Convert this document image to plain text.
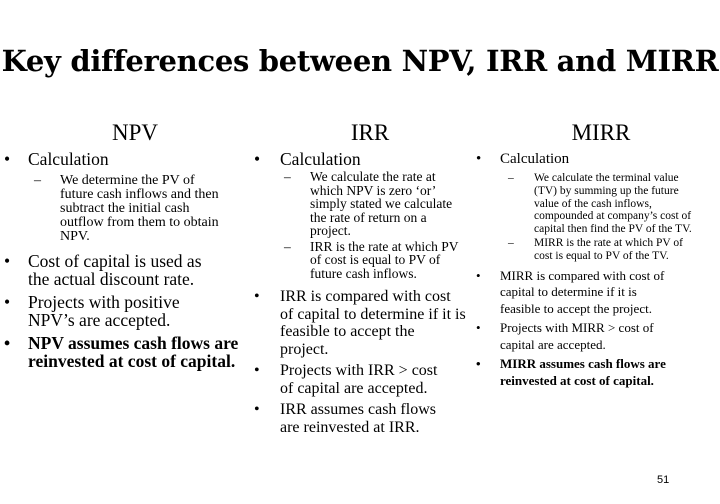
Key differences between NPV, IRR and MIRR
NPV
• Calculation
– We determine the PV of future cash inflows and then subtract the initial cash outflow from them to obtain NPV.
• Cost of capital is used as the actual discount rate.
• Projects with positive NPV’s are accepted.
• NPV assumes cash flows are reinvested at cost of capital.
IRR
• Calculation
– We calculate the rate at which NPV is zero ‘or’ simply stated we calculate the rate of return on a project.
– IRR is the rate at which PV of cost is equal to PV of future cash inflows.
• IRR is compared with cost of capital to determine if it is feasible to accept the project.
• Projects with IRR > cost of capital are accepted.
• IRR assumes cash flows are reinvested at IRR.
MIRR
• Calculation
– We calculate the terminal value (TV) by summing up the future value of the cash inflows, compounded at company’s cost of capital then find the PV of the TV.
– MIRR is the rate at which PV of cost is equal to PV of the TV.
• MIRR is compared with cost of capital to determine if it is feasible to accept the project.
• Projects with MIRR > cost of capital are accepted.
• MIRR assumes cash flows are reinvested at cost of capital.
51
